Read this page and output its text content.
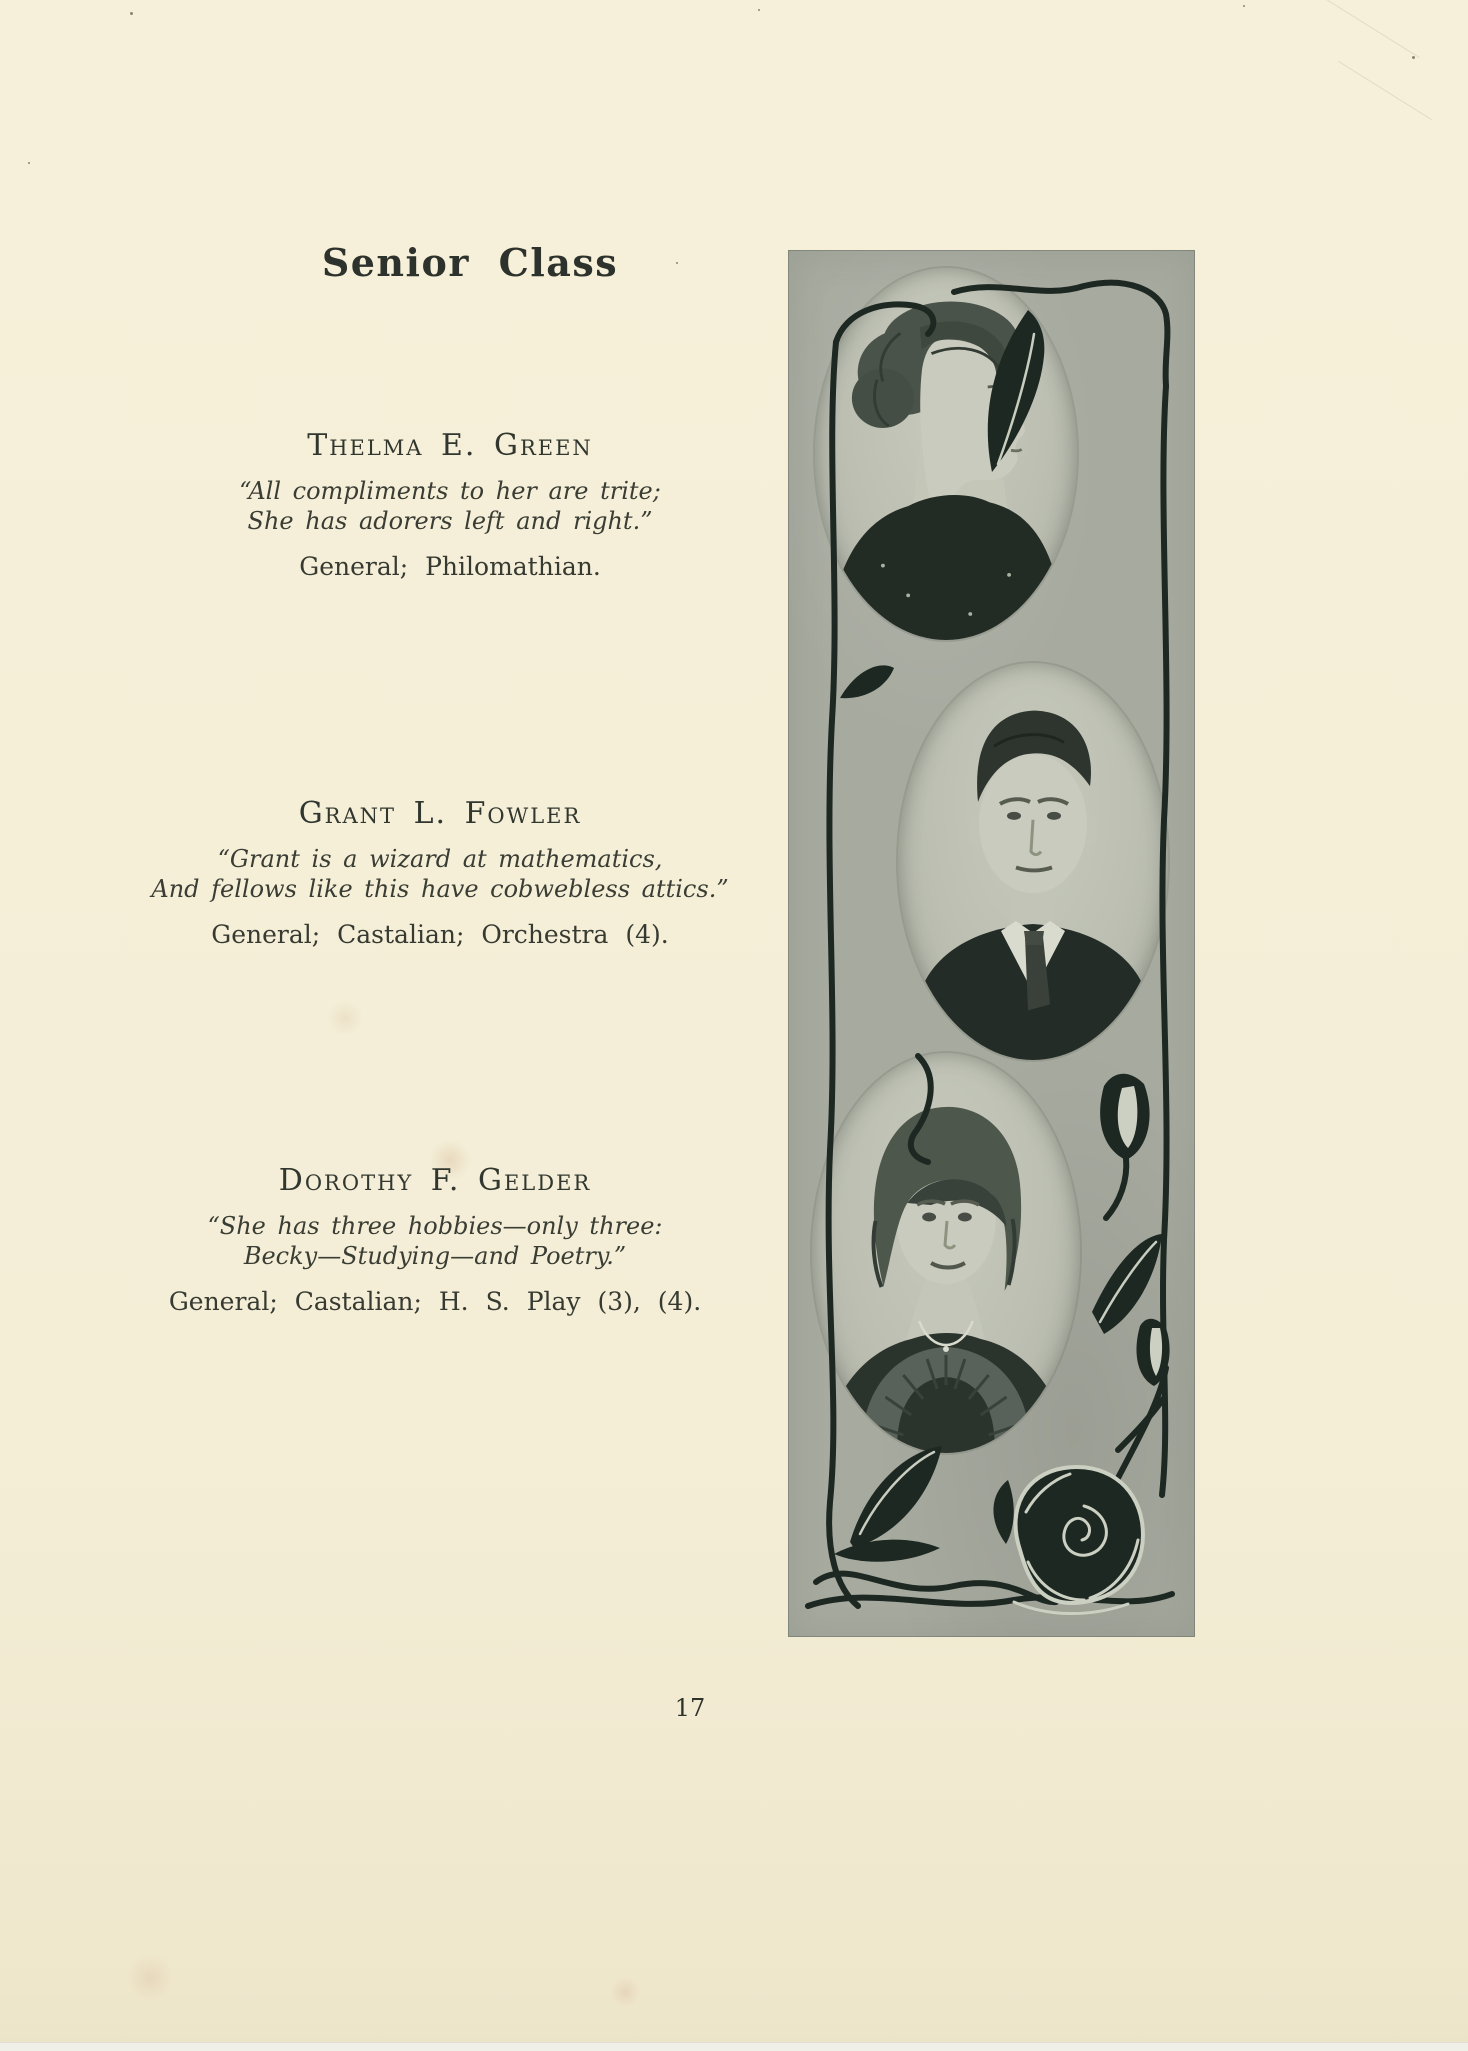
Senior Class
Thelma E. Green
“All compliments to her are trite;
She has adorers left and right.”
General; Philomathian.
Grant L. Fowler
“Grant is a wizard at mathematics,
And fellows like this have cobwebless attics.”
General; Castalian; Orchestra (4).
Dorothy F. Gelder
“She has three hobbies—only three:
Becky—Studying—and Poetry.”
General; Castalian; H. S. Play (3), (4).
17
